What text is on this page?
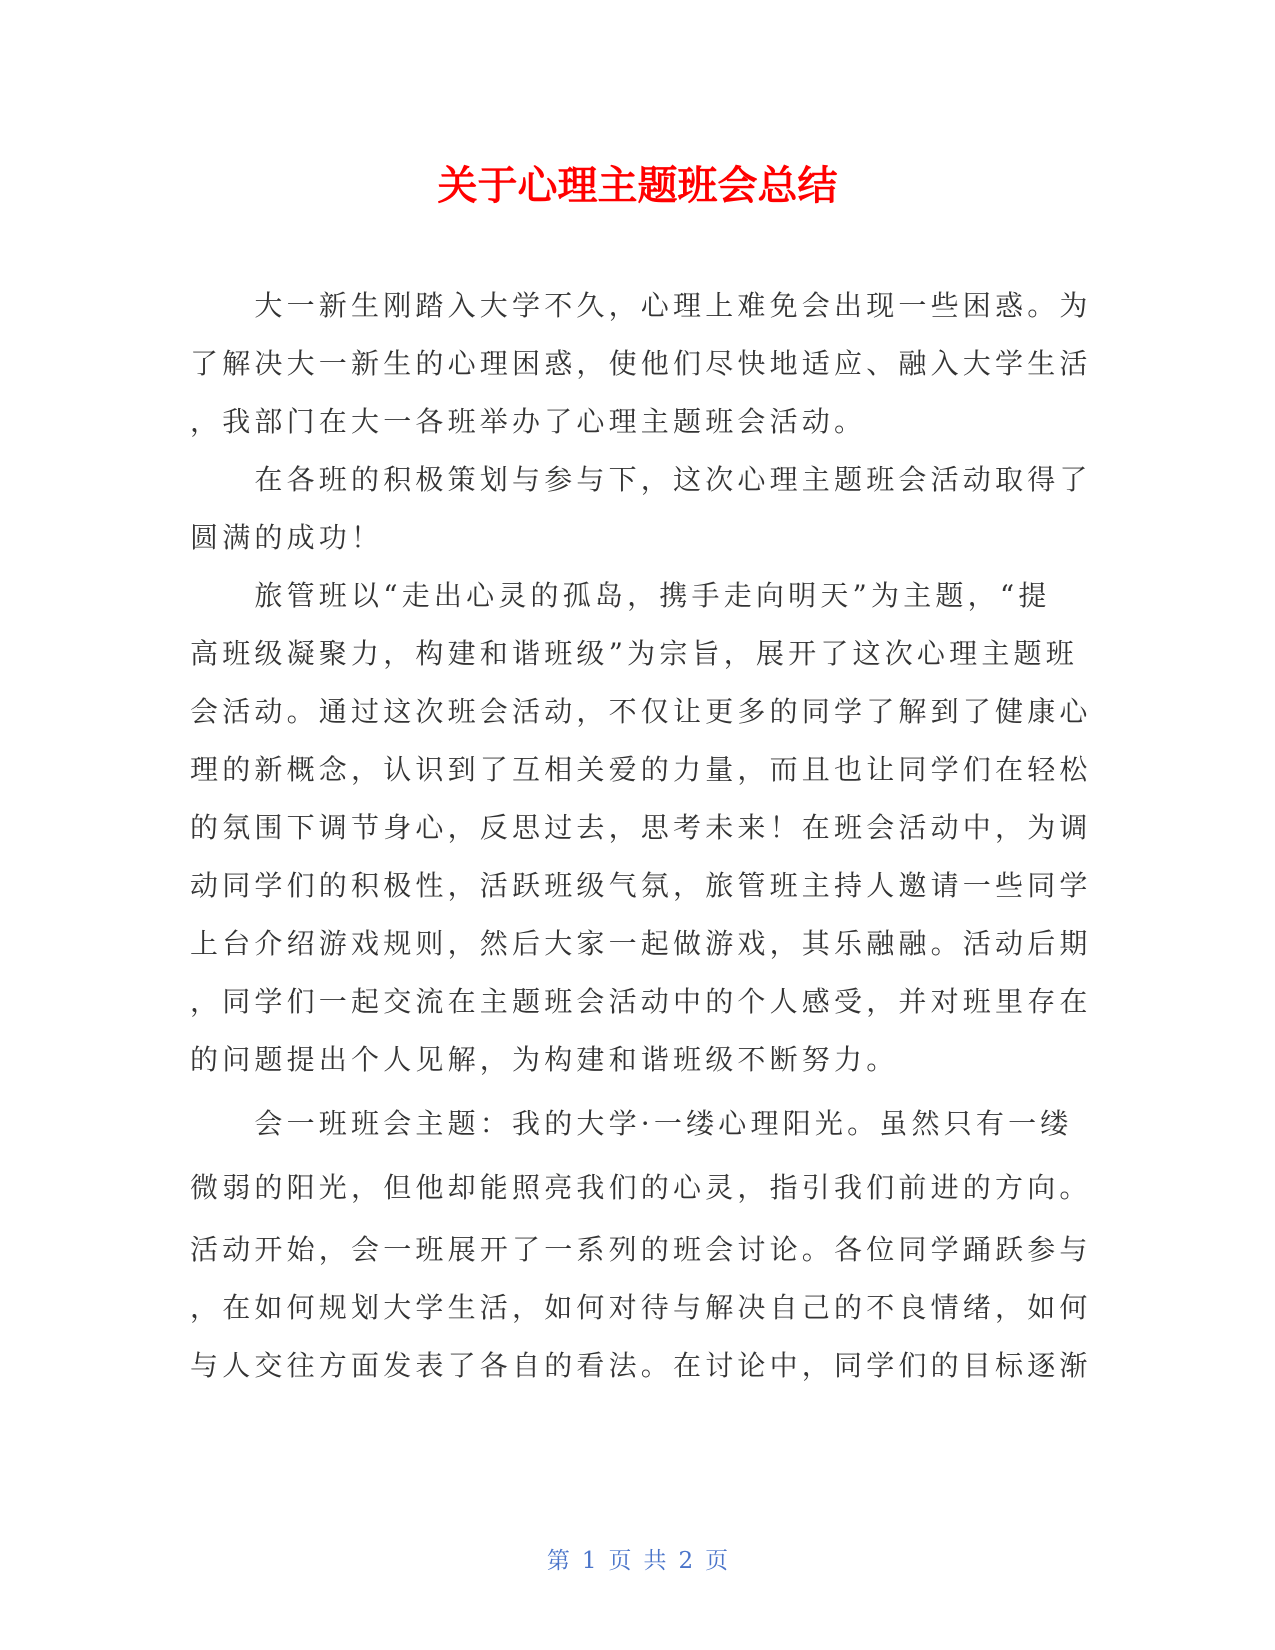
关于心理主题班会总结
　　大一新生刚踏入大学不久，心理上难免会出现一些困惑。为
了解决大一新生的心理困惑，使他们尽快地适应、融入大学生活
，我部门在大一各班举办了心理主题班会活动。
　　在各班的积极策划与参与下，这次心理主题班会活动取得了
圆满的成功！
　　旅管班以“走出心灵的孤岛，携手走向明天”为主题，“提
高班级凝聚力，构建和谐班级”为宗旨，展开了这次心理主题班
会活动。通过这次班会活动，不仅让更多的同学了解到了健康心
理的新概念，认识到了互相关爱的力量，而且也让同学们在轻松
的氛围下调节身心，反思过去，思考未来！在班会活动中，为调
动同学们的积极性，活跃班级气氛，旅管班主持人邀请一些同学
上台介绍游戏规则，然后大家一起做游戏，其乐融融。活动后期
，同学们一起交流在主题班会活动中的个人感受，并对班里存在
的问题提出个人见解，为构建和谐班级不断努力。
　　会一班班会主题：我的大学·一缕心理阳光。虽然只有一缕
微弱的阳光，但他却能照亮我们的心灵，指引我们前进的方向。
活动开始，会一班展开了一系列的班会讨论。各位同学踊跃参与
，在如何规划大学生活，如何对待与解决自己的不良情绪，如何
与人交往方面发表了各自的看法。在讨论中，同学们的目标逐渐
第 1 页 共 2 页
